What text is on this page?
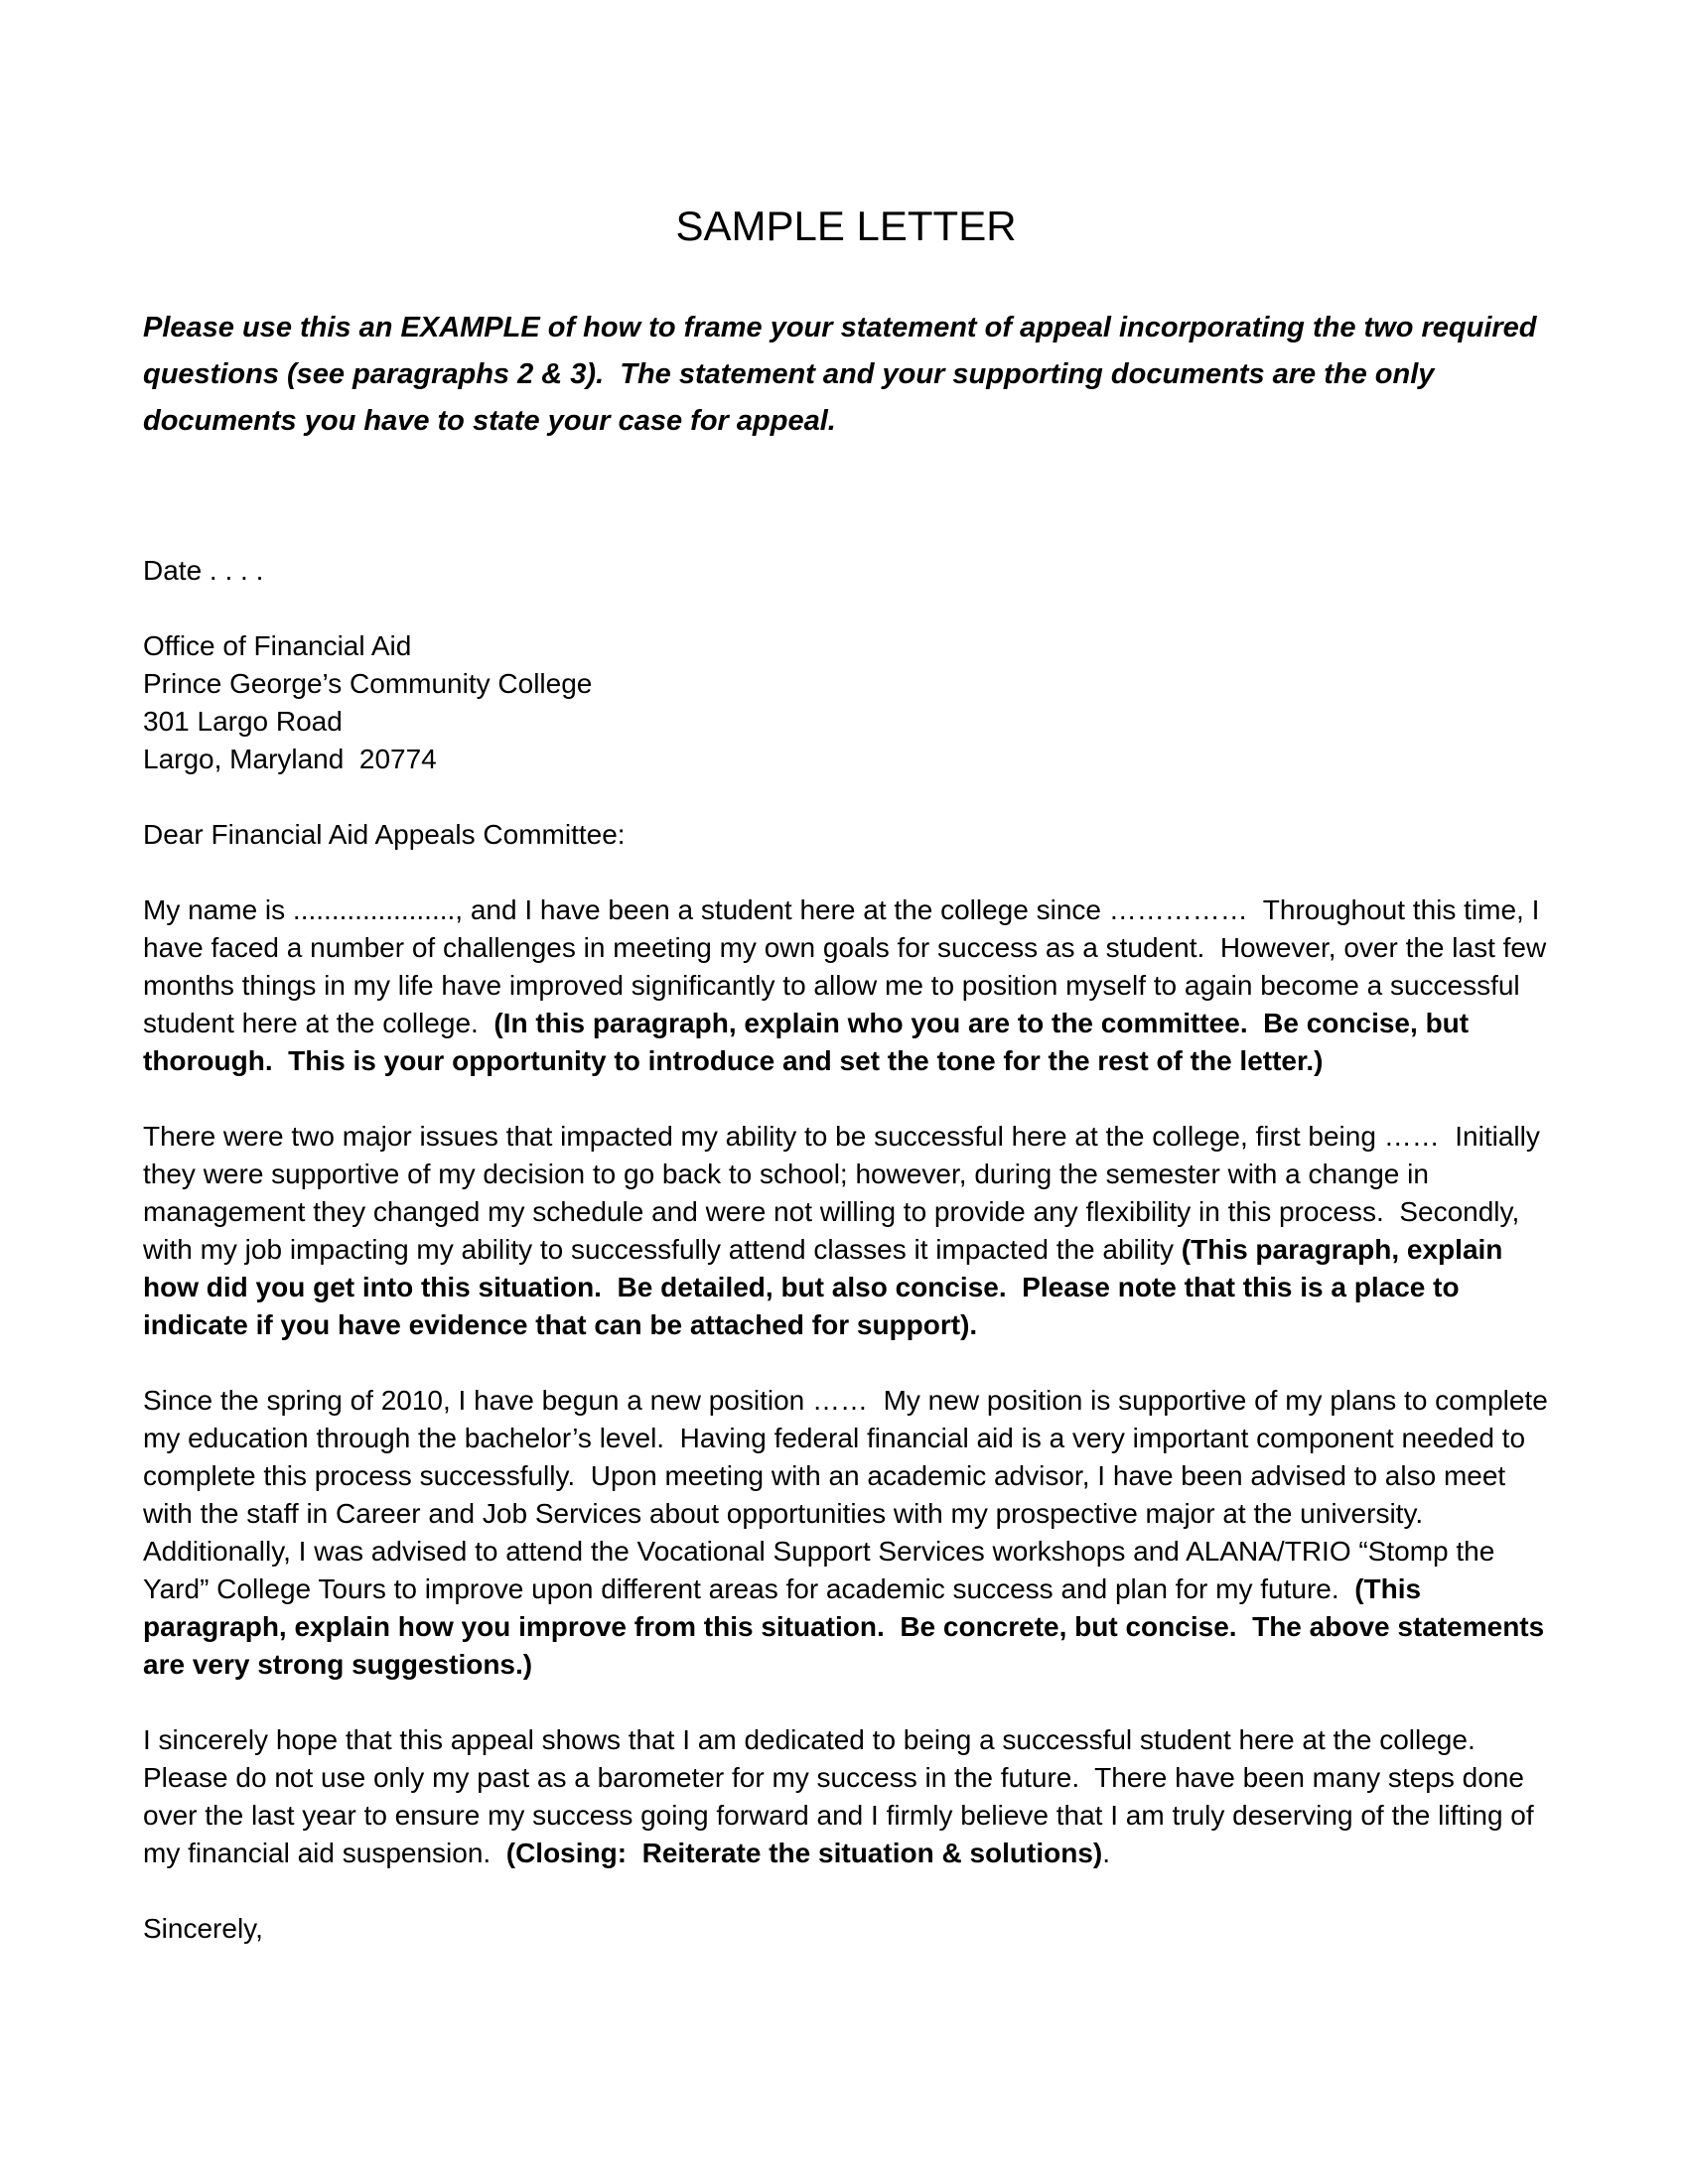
SAMPLE LETTER

Please use this an EXAMPLE of how to frame your statement of appeal incorporating the two required questions (see paragraphs 2 & 3).  The statement and your supporting documents are the only documents you have to state your case for appeal.

Date . . . .

Office of Financial Aid
Prince George’s Community College
301 Largo Road
Largo, Maryland  20774

Dear Financial Aid Appeals Committee:

My name is ....................., and I have been a student here at the college since ……………  Throughout this time, I have faced a number of challenges in meeting my own goals for success as a student.  However, over the last few months things in my life have improved significantly to allow me to position myself to again become a successful student here at the college.  (In this paragraph, explain who you are to the committee.  Be concise, but thorough.  This is your opportunity to introduce and set the tone for the rest of the letter.)

There were two major issues that impacted my ability to be successful here at the college, first being ……  Initially they were supportive of my decision to go back to school; however, during the semester with a change in management they changed my schedule and were not willing to provide any flexibility in this process.  Secondly, with my job impacting my ability to successfully attend classes it impacted the ability (This paragraph, explain how did you get into this situation.  Be detailed, but also concise.  Please note that this is a place to indicate if you have evidence that can be attached for support).

Since the spring of 2010, I have begun a new position ……  My new position is supportive of my plans to complete my education through the bachelor’s level.  Having federal financial aid is a very important component needed to complete this process successfully.  Upon meeting with an academic advisor, I have been advised to also meet with the staff in Career and Job Services about opportunities with my prospective major at the university.  Additionally, I was advised to attend the Vocational Support Services workshops and ALANA/TRIO “Stomp the Yard” College Tours to improve upon different areas for academic success and plan for my future.  (This paragraph, explain how you improve from this situation.  Be concrete, but concise.  The above statements are very strong suggestions.)

I sincerely hope that this appeal shows that I am dedicated to being a successful student here at the college.  Please do not use only my past as a barometer for my success in the future.  There have been many steps done over the last year to ensure my success going forward and I firmly believe that I am truly deserving of the lifting of my financial aid suspension.  (Closing:  Reiterate the situation & solutions).

Sincerely,
